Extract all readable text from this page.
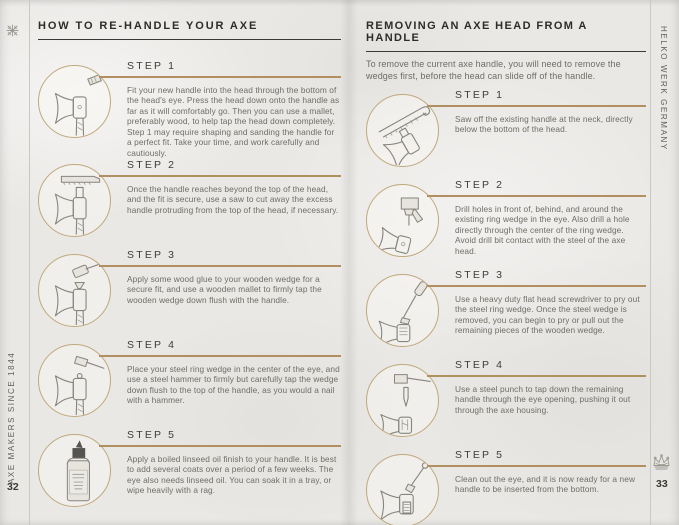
AXE MAKERS SINCE 1844
32
HELKO WERK GERMANY
33
HOW TO RE-HANDLE YOUR AXE
STEP 1
Fit your new handle into the head through the bottom of the head's eye. Press the head down onto the handle as far as it will comfortably go. Then you can use a mallet, preferably wood, to help tap the head down completely. Step 1 may require shaping and sanding the handle for a perfect fit. Take your time, and work carefully and cautiously.
STEP 2
Once the handle reaches beyond the top of the head, and the fit is secure, use a saw to cut away the excess handle protruding from the top of the head, if necessary.
STEP 3
Apply some wood glue to your wooden wedge for a secure fit, and use a wooden mallet to firmly tap the wooden wedge down flush with the handle.
STEP 4
Place your steel ring wedge in the center of the eye, and use a steel hammer to firmly but carefully tap the wedge down flush to the top of the handle, as you would a nail with a hammer.
STEP 5
Apply a boiled linseed oil finish to your handle. It is best to add several coats over a period of a few weeks. The eye also needs linseed oil. You can soak it in a tray, or wipe heavily with a rag.
REMOVING AN AXE HEAD FROM A HANDLE
To remove the current axe handle, you will need to remove the wedges first, before the head can slide off of the handle.
STEP 1
Saw off the existing handle at the neck, directly below the bottom of the head.
STEP 2
Drill holes in front of, behind, and around the existing ring wedge in the eye. Also drill a hole directly through the center of the ring wedge. Avoid drill bit contact with the steel of the axe head.
STEP 3
Use a heavy duty flat head screwdriver to pry out the steel ring wedge. Once the steel wedge is removed, you can begin to pry or pull out the remaining pieces of the wooden wedge.
STEP 4
Use a steel punch to tap down the remaining handle through the eye opening, pushing it out through the axe housing.
STEP 5
Clean out the eye, and it is now ready for a new handle to be inserted from the bottom.
